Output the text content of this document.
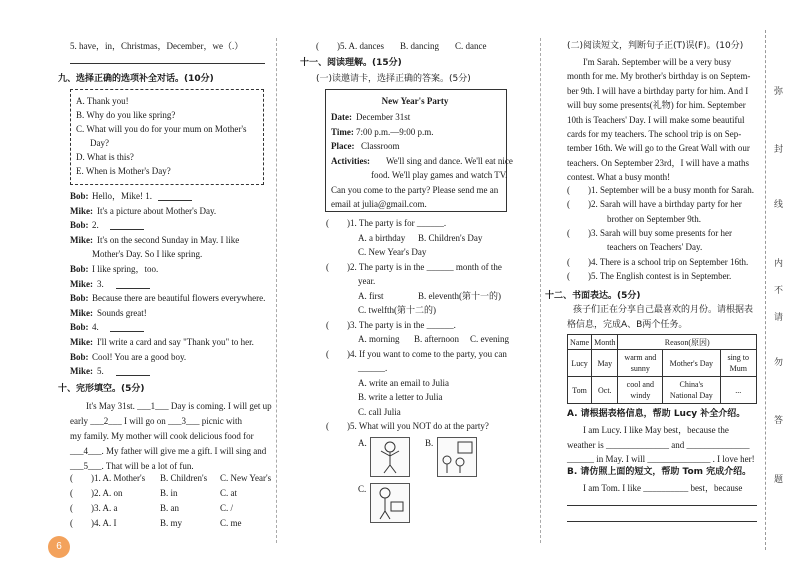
5. have，in，Christmas，December，we（.）
九、选择正确的选项补全对话。(10分)
A. Thank you!
B. Why do you like spring?
C. What will you do for your mum on Mother's
Day?
D. What is this?
E. When is Mother's Day?
Bob: Hello，Mike! 1.
Mike: It's a picture about Mother's Day.
Bob: 2.
Mike: It's on the second Sunday in May. I like
Mother's Day. So I like spring.
Bob: I like spring，too.
Mike: 3.
Bob: Because there are beautiful flowers everywhere.
Mike: Sounds great!
Bob: 4.
Mike: I'll write a card and say "Thank you" to her.
Bob: Cool! You are a good boy.
Mike: 5.
十、完形填空。(5分)
It's May 31st. ___1___ Day is coming. I will get up
early ___2___ I will go on ___3___ picnic with
my family. My mother will cook delicious food for
___4___. My father will give me a gift. I will sing and
___5___. That will be a lot of fun.
(　　)1. A. Mother's B. Children's C. New Year's
(　　)2. A. on	B. in	C. at
(　　)3. A. a	B. an	C. /
(　　)4. A. I	B. my	C. me
6
(　　)5. A. dances B. dancing C. dance
十一、阅读理解。(15分)
(一)读邀请卡，选择正确的答案。(5分)
New Year's Party
Date: December 31st
Time: 7:00 p.m.—9:00 p.m.
Place: Classroom
Activities: We'll sing and dance. We'll eat nice
food. We'll play games and watch TV.
Can you come to the party? Please send me an
email at julia@gmail.com.
(　　)1. The party is for ______.
A. a birthday B. Children's Day
C. New Year's Day
(　　)2. The party is in the ______ month of the
year.
A. first	B. eleventh(第十一的)
C. twelfth(第十二的)
(　　)3. The party is in the ______.
A. morning B. afternoon C. evening
(　　)4. If you want to come to the party, you can
______.
A. write an email to Julia
B. write a letter to Julia
C. call Julia
(　　)5. What will you NOT do at the party?
A.	B.
C.
(二)阅读短文，判断句子正(T)误(F)。(10分)
I'm Sarah. September will be a very busy
month for me. My brother's birthday is on Septem-
ber 9th. I will have a birthday party for him. And I
will buy some presents(礼物) for him. September
10th is Teachers' Day. I will make some beautiful
cards for my teachers. The school trip is on Sep-
tember 16th. We will go to the Great Wall with our
teachers. On September 23rd，I will have a maths
contest. What a busy month!
(　　)1. September will be a busy month for Sarah.
(　　)2. Sarah will have a birthday party for her
brother on September 9th.
(　　)3. Sarah will buy some presents for her
teachers on Teachers' Day.
(　　)4. There is a school trip on September 16th.
(　　)5. The English contest is in September.
十二、书面表达。(5分)
孩子们正在分享自己最喜欢的月份。请根据表
格信息，完成A、B两个任务。
Name	Month	Reason(原因)		
Lucy	May	warm and sunny	Mother's Day	sing to Mum
Tom	Oct.	cool and windy	China's National Day	...
A. 请根据表格信息，帮助 Lucy 补全介绍。
I am Lucy. I like May best，because the
weather is ______________ and ______________
______ in May. I will ______________ . I love her!
B. 请仿照上面的短文，帮助 Tom 完成介绍。
I am Tom. I like __________ best，because
弥
封
线
内
不
请
勿
答
题
